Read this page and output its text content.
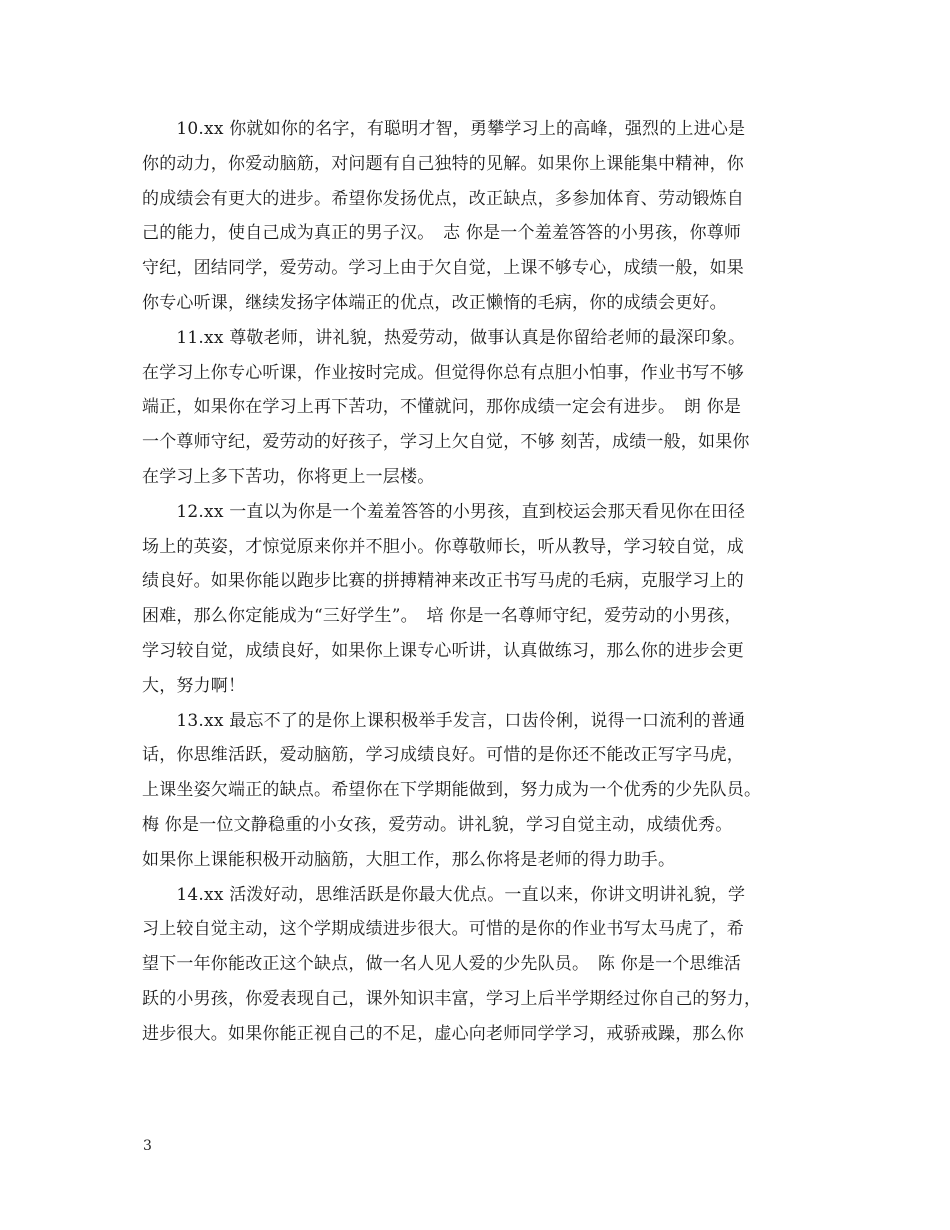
　　10.xx 你就如你的名字，有聪明才智，勇攀学习上的高峰，强烈的上进心是
你的动力，你爱动脑筋，对问题有自己独特的见解。如果你上课能集中精神，你
的成绩会有更大的进步。希望你发扬优点，改正缺点，多参加体育、劳动锻炼自
己的能力，使自己成为真正的男子汉。　志 你是一个羞羞答答的小男孩，你尊师
守纪，团结同学，爱劳动。学习上由于欠自觉，上课不够专心，成绩一般，如果
你专心听课，继续发扬字体端正的优点，改正懒惰的毛病，你的成绩会更好。
　　11.xx 尊敬老师，讲礼貌，热爱劳动，做事认真是你留给老师的最深印象。
在学习上你专心听课，作业按时完成。但觉得你总有点胆小怕事，作业书写不够
端正，如果你在学习上再下苦功，不懂就问，那你成绩一定会有进步。　朗 你是
一个尊师守纪，爱劳动的好孩子，学习上欠自觉，不够 刻苦，成绩一般，如果你
在学习上多下苦功，你将更上一层楼。
　　12.xx 一直以为你是一个羞羞答答的小男孩，直到校运会那天看见你在田径
场上的英姿，才惊觉原来你并不胆小。你尊敬师长，听从教导，学习较自觉，成
绩良好。如果你能以跑步比赛的拼搏精神来改正书写马虎的毛病，克服学习上的
困难，那么你定能成为“三好学生”。　培 你是一名尊师守纪，爱劳动的小男孩，
学习较自觉，成绩良好，如果你上课专心听讲，认真做练习，那么你的进步会更
大，努力啊！
　　13.xx 最忘不了的是你上课积极举手发言，口齿伶俐，说得一口流利的普通
话，你思维活跃，爱动脑筋，学习成绩良好。可惜的是你还不能改正写字马虎，
上课坐姿欠端正的缺点。希望你在下学期能做到，努力成为一个优秀的少先队员。
梅 你是一位文静稳重的小女孩，爱劳动。讲礼貌，学习自觉主动，成绩优秀。
如果你上课能积极开动脑筋，大胆工作，那么你将是老师的得力助手。
　　14.xx 活泼好动，思维活跃是你最大优点。一直以来，你讲文明讲礼貌，学
习上较自觉主动，这个学期成绩进步很大。可惜的是你的作业书写太马虎了，希
望下一年你能改正这个缺点，做一名人见人爱的少先队员。　陈 你是一个思维活
跃的小男孩，你爱表现自己，课外知识丰富，学习上后半学期经过你自己的努力，
进步很大。如果你能正视自己的不足，虚心向老师同学学习，戒骄戒躁，那么你
3
